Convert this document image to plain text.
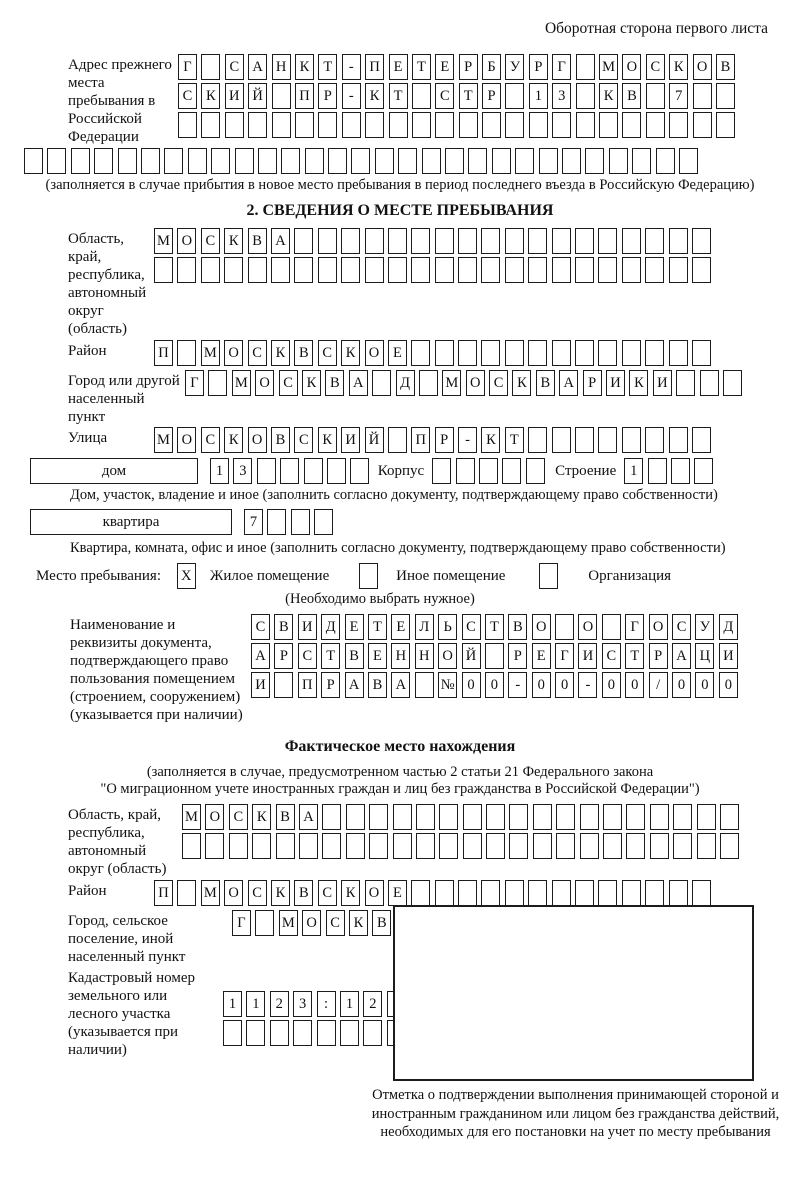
Оборотная сторона первого листа
Адрес прежнего места пребывания в Российской Федерации
Г	С А Н К Т - П Е Т Е Р Б У Р Г М О С К О В
С К И Й	П Р - К Т	С Т Р	1 3	К В	7
(заполняется в случае прибытия в новое место пребывания в период последнего въезда в Российскую Федерацию)
2. СВЕДЕНИЯ О МЕСТЕ ПРЕБЫВАНИЯ
Область, край, республика, автономный округ (область)
М О С К В А
Район	П М О С К В С К О Е
Город или другой населенный пункт
Г М О С К В А	Д М О С К В А Р И К И
Улица	М О С К О В С К И Й	П Р - К Т
дом	1 3	Корпус	Строение 1
Дом, участок, владение и иное (заполнить согласно документу, подтверждающему право собственности)
квартира	7
Квартира, комната, офис и иное (заполнить согласно документу, подтверждающему право собственности)
Место пребывания: X Жилое помещение	Иное помещение	Организация
(Необходимо выбрать нужное)
Наименование и реквизиты документа, подтверждающего право пользования помещением (строением, сооружением) (указывается при наличии)
С В И Д Е Т Е Л Ь С Т В О	О	Г О С У Д
А Р С Т В Е Н Н О Й	Р Е Г И С Т Р А Ц И
И	П Р А В А № 0 0 - 0 0 - 0 0 / 0 0 0
Фактическое место нахождения
(заполняется в случае, предусмотренном частью 2 статьи 21 Федерального закона
"О миграционном учете иностранных граждан и лиц без гражданства в Российской Федерации")
Область, край, республика, автономный округ (область)
М О С К В А
Район	П М О С К В С К О Е
Город, сельское поселение, иной населенный пункт
Г М О С К В
Кадастровый номер земельного или лесного участка (указывается при наличии)
1 1 2 3 : 1 2
Отметка о подтверждении выполнения принимающей стороной и иностранным гражданином или лицом без гражданства действий, необходимых для его постановки на учет по месту пребывания
